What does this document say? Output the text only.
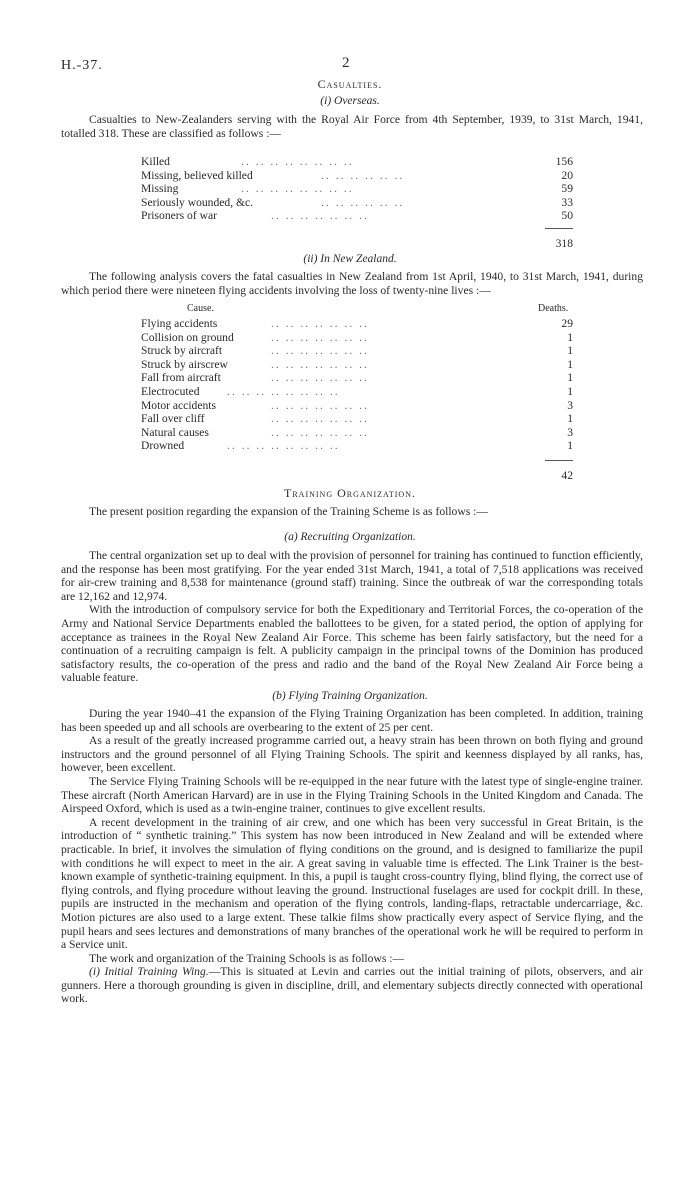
H.-37.	2
Casualties.
(i) Overseas.

Casualties to New-Zealanders serving with the Royal Air Force from 4th September, 1939, to 31st March, 1941, totalled 318. These are classified as follows :—

Killed	.. .. .. .. .. .. .. ..	156
Missing, believed killed	.. .. .. .. .. ..	20
Missing	.. .. .. .. .. .. .. ..	59
Seriously wounded, &c.	.. .. .. .. .. ..	33
Prisoners of war	.. .. .. .. .. .. ..	50
318
(ii) In New Zealand.

The following analysis covers the fatal casualties in New Zealand from 1st April, 1940, to 31st March, 1941, during which period there were nineteen flying accidents involving the loss of twenty-nine lives :—

Cause.	Deaths.
Flying accidents	.. .. .. .. .. .. ..	29
Collision on ground	.. .. .. .. .. .. ..	1
Struck by aircraft	.. .. .. .. .. .. ..	1
Struck by airscrew	.. .. .. .. .. .. ..	1
Fall from aircraft	.. .. .. .. .. .. ..	1
Electrocuted .. .. .. .. .. .. .. ..	1
Motor accidents	.. .. .. .. .. .. ..	3
Fall over cliff	.. .. .. .. .. .. ..	1
Natural causes	.. .. .. .. .. .. ..	3
Drowned	.. .. .. .. .. .. .. ..	1
42
Training Organization.

The present position regarding the expansion of the Training Scheme is as follows :—

(a) Recruiting Organization.

The central organization set up to deal with the provision of personnel for training has continued to function efficiently, and the response has been most gratifying. For the year ended 31st March, 1941, a total of 7,518 applications was received for air-crew training and 8,538 for maintenance (ground staff) training. Since the outbreak of war the corresponding totals are 12,162 and 12,974.

With the introduction of compulsory service for both the Expeditionary and Territorial Forces, the co-operation of the Army and National Service Departments enabled the ballottees to be given, for a stated period, the option of applying for acceptance as trainees in the Royal New Zealand Air Force. This scheme has been fairly satisfactory, but the need for a continuation of a recruiting campaign is felt. A publicity campaign in the principal towns of the Dominion has produced satisfactory results, the co-operation of the press and radio and the band of the Royal New Zealand Air Force being a valuable feature.

(b) Flying Training Organization.

During the year 1940–41 the expansion of the Flying Training Organization has been completed. In addition, training has been speeded up and all schools are overbearing to the extent of 25 per cent.

As a result of the greatly increased programme carried out, a heavy strain has been thrown on both flying and ground instructors and the ground personnel of all Flying Training Schools. The spirit and keenness displayed by all ranks, has, however, been excellent.

The Service Flying Training Schools will be re-equipped in the near future with the latest type of single-engine trainer. These aircraft (North American Harvard) are in use in the Flying Training Schools in the United Kingdom and Canada. The Airspeed Oxford, which is used as a twin-engine trainer, continues to give excellent results.

A recent development in the training of air crew, and one which has been very successful in Great Britain, is the introduction of “ synthetic training.” This system has now been introduced in New Zealand and will be extended where practicable. In brief, it involves the simulation of flying conditions on the ground, and is designed to familiarize the pupil with conditions he will expect to meet in the air. A great saving in valuable time is effected. The Link Trainer is the best-known example of synthetic-training equipment. In this, a pupil is taught cross-country flying, blind flying, the correct use of flying controls, and flying procedure without leaving the ground. Instructional fuselages are used for cockpit drill. In these, pupils are instructed in the mechanism and operation of the flying controls, landing-flaps, retractable undercarriage, &c. Motion pictures are also used to a large extent. These talkie films show practically every aspect of Service flying, and the pupil hears and sees lectures and demonstrations of many branches of the operational work he will be required to perform in a Service unit.

The work and organization of the Training Schools is as follows :—

(i) Initial Training Wing.—This is situated at Levin and carries out the initial training of pilots, observers, and air gunners. Here a thorough grounding is given in discipline, drill, and elementary subjects directly connected with operational work.
